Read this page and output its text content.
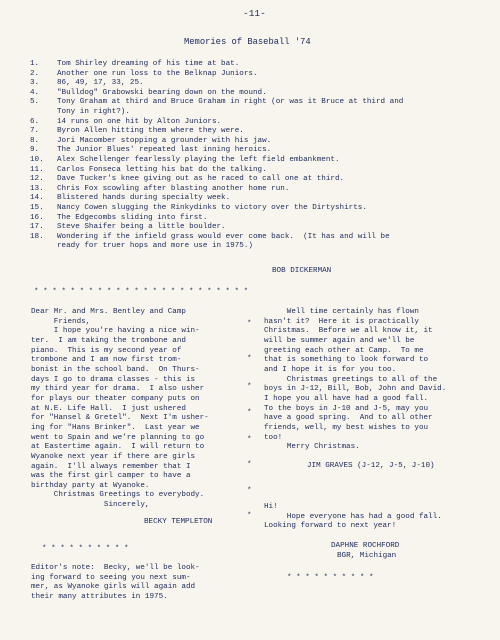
-11-
Memories of Baseball '74
1.	Tom Shirley dreaming of his time at bat.
2.	Another one run loss to the Belknap Juniors.
3.	86, 49, 17, 33, 25.
4.	"Bulldog" Grabowski bearing down on the mound.
5.	Tony Graham at third and Bruce Graham in right (or was it Bruce at third and
Tony in right?).
6.	14 runs on one hit by Alton Juniors.
7.	Byron Allen hitting them where they were.
8.	Jori Macomber stopping a grounder with his jaw.
9.	The Junior Blues' repeated last inning heroics.
10.	Alex Schellenger fearlessly playing the left field embankment.
11.	Carlos Fonseca letting his bat do the talking.
12.	Dave Tucker's knee giving out as he raced to call one at third.
13.	Chris Fox scowling after blasting another home run.
14.	Blistered hands during specialty week.
15.	Nancy Cowen slugging the Rinkydinks to victory over the Dirtyshirts.
16.	The Edgecombs sliding into first.
17.	Steve Shaifer being a little boulder.
18.	Wondering if the infield grass would ever come back.  (It has and will be
ready for truer hops and more use in 1975.)
BOB DICKERMAN
* * * * * * * * * * * * * * * * * * * * * * * *
Dear Mr. and Mrs. Bentley and Camp
Friends,
I hope you're having a nice win-
ter.  I am taking the trombone and
piano.  This is my second year of
trombone and I am now first trom-
bonist in the school band.  On Thurs-
days I go to drama classes - this is
my third year for drama.  I also usher
for plays our theater company puts on
at N.E. Life Hall.  I just ushered
for "Hansel & Gretel".  Next I'm usher-
ing for "Hans Brinker".  Last year we
went to Spain and we're planning to go
at Eastertime again.  I will return to
Wyanoke next year if there are girls
again.  I'll always remember that I
was the first girl camper to have a
birthday party at Wyanoke.
Christmas Greetings to everybody.
Sincerely,
BECKY TEMPLETON
* * * * * * * * * *
Editor's note:  Becky, we'll be look-
ing forward to seeing you next sum-
mer, as Wyanoke girls will again add
their many attributes in 1975.
*
*
*
*
*
*
*
*
Well time certainly has flown
hasn't it?  Here it is practically
Christmas.  Before we all know it, it
will be summer again and we'll be
greeting each other at Camp.  To me
that is something to look forward to
and I hope it is for you too.
Christmas greetings to all of the
boys in J-12, Bill, Bob, John and David.
I hope you all have had a good fall.
To the boys in J-10 and J-5, may you
have a good spring.  And to all other
friends, well, my best wishes to you
too!
Merry Christmas.
JIM GRAVES (J-12, J-5, J-10)
Hi!
Hope everyone has had a good fall.
Looking forward to next year!
DAPHNE ROCHFORD
BGR, Michigan
* * * * * * * * * *
